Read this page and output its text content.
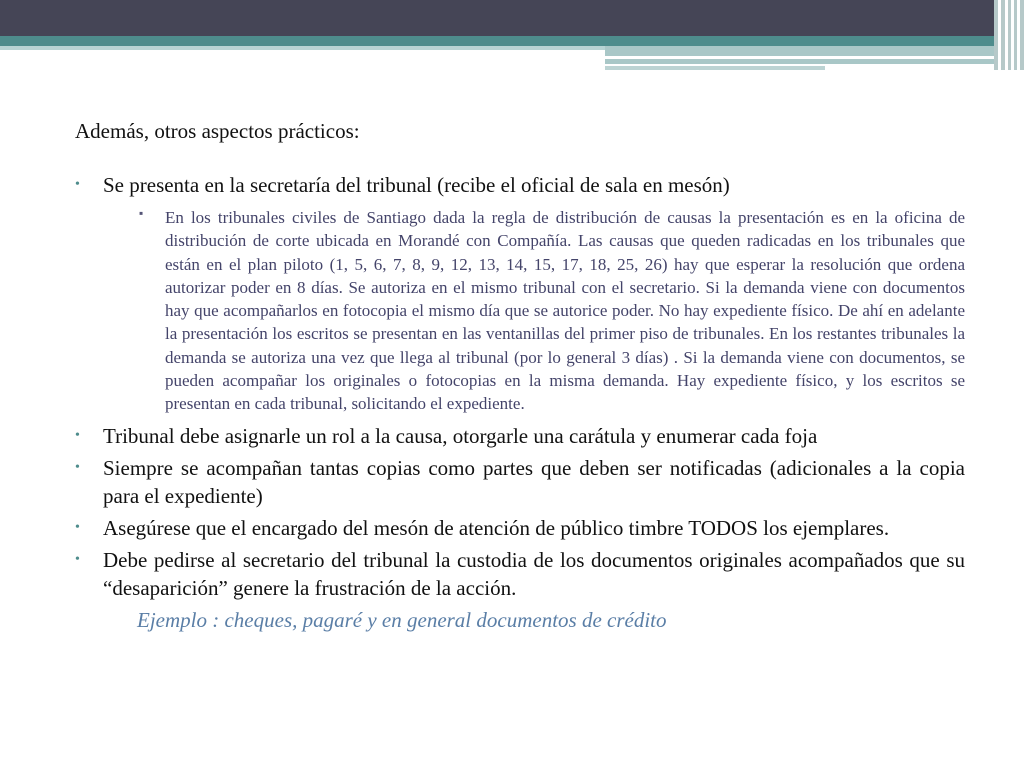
Además, otros aspectos prácticos:

•	Se presenta en la secretaría del tribunal (recibe el oficial de sala en mesón)
▪ En los tribunales civiles de Santiago dada la regla de distribución de causas la presentación es en la oficina de distribución de corte ubicada en Morandé con Compañía. Las causas que queden radicadas en los tribunales que están en el plan piloto (1, 5, 6, 7, 8, 9, 12, 13, 14, 15, 17, 18, 25, 26) hay que esperar la resolución que ordena autorizar poder en 8 días. Se autoriza en el mismo tribunal con el secretario. Si la demanda viene con documentos hay que acompañarlos en fotocopia el mismo día que se autorice poder. No hay expediente físico. De ahí en adelante la presentación los escritos se presentan en las ventanillas del primer piso de tribunales. En los restantes tribunales la demanda se autoriza una vez que llega al tribunal (por lo general 3 días) . Si la demanda viene con documentos, se pueden acompañar los originales o fotocopias en la misma demanda. Hay expediente físico, y los escritos se presentan en cada tribunal, solicitando el expediente.
•	Tribunal debe asignarle un rol a la causa, otorgarle una carátula y enumerar cada foja
•	Siempre se acompañan tantas copias como partes que deben ser notificadas (adicionales a la copia para el expediente)
•	Asegúrese que el encargado del mesón de atención de público timbre TODOS los ejemplares.
•	Debe pedirse al secretario del tribunal la custodia de los documentos originales acompañados que su “desaparición” genere la frustración de la acción.
Ejemplo : cheques, pagaré y en general documentos de crédito
